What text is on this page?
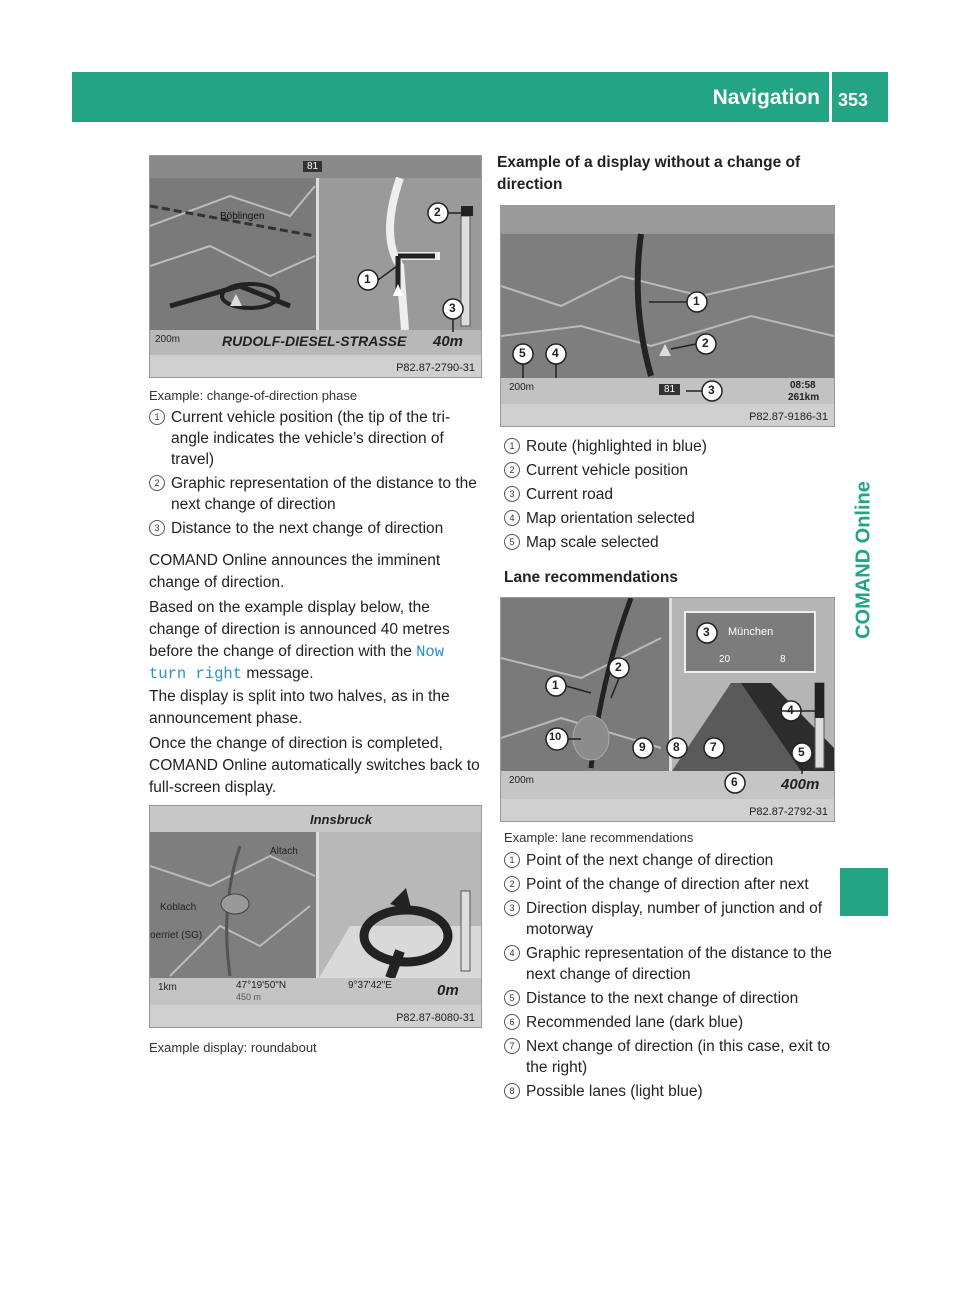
Navigation 353
COMAND Online
81
Böblingen
1
2
3
200m	RUDOLF-DIESEL-STRASSE 40m
P82.87-2790-31
Example: change-of-direction phase
1 Current vehicle position (the tip of the tri-angle indicates the vehicle’s direction of travel)
2 Graphic representation of the distance to the next change of direction
3 Distance to the next change of direction
COMAND Online announces the imminent change of direction.
Based on the example display below, the change of direction is announced 40 metres before the change of direction with the Now turn right message.
The display is split into two halves, as in the announcement phase.
Once the change of direction is completed, COMAND Online automatically switches back to full-screen display.
Innsbruck
Altach
Koblach
oerriet (SG)
1km	47°19'50"N
450 m
9°37'42"E	0m
P82.87-8080-31
Example display: roundabout
Example of a display without a change of direction
1
2
3
4
5
200m	81	08:58
261km
P82.87-9186-31
1 Route (highlighted in blue)
2 Current vehicle position
3 Current road
4 Map orientation selected
5 Map scale selected
Lane recommendations
1
2
3
4
5
6
7
8
9
10
München
20	8
200m	400m
P82.87-2792-31
Example: lane recommendations
1 Point of the next change of direction
2 Point of the change of direction after next
3 Direction display, number of junction and of motorway
4 Graphic representation of the distance to the next change of direction
5 Distance to the next change of direction
6 Recommended lane (dark blue)
7 Next change of direction (in this case, exit to the right)
8 Possible lanes (light blue)
